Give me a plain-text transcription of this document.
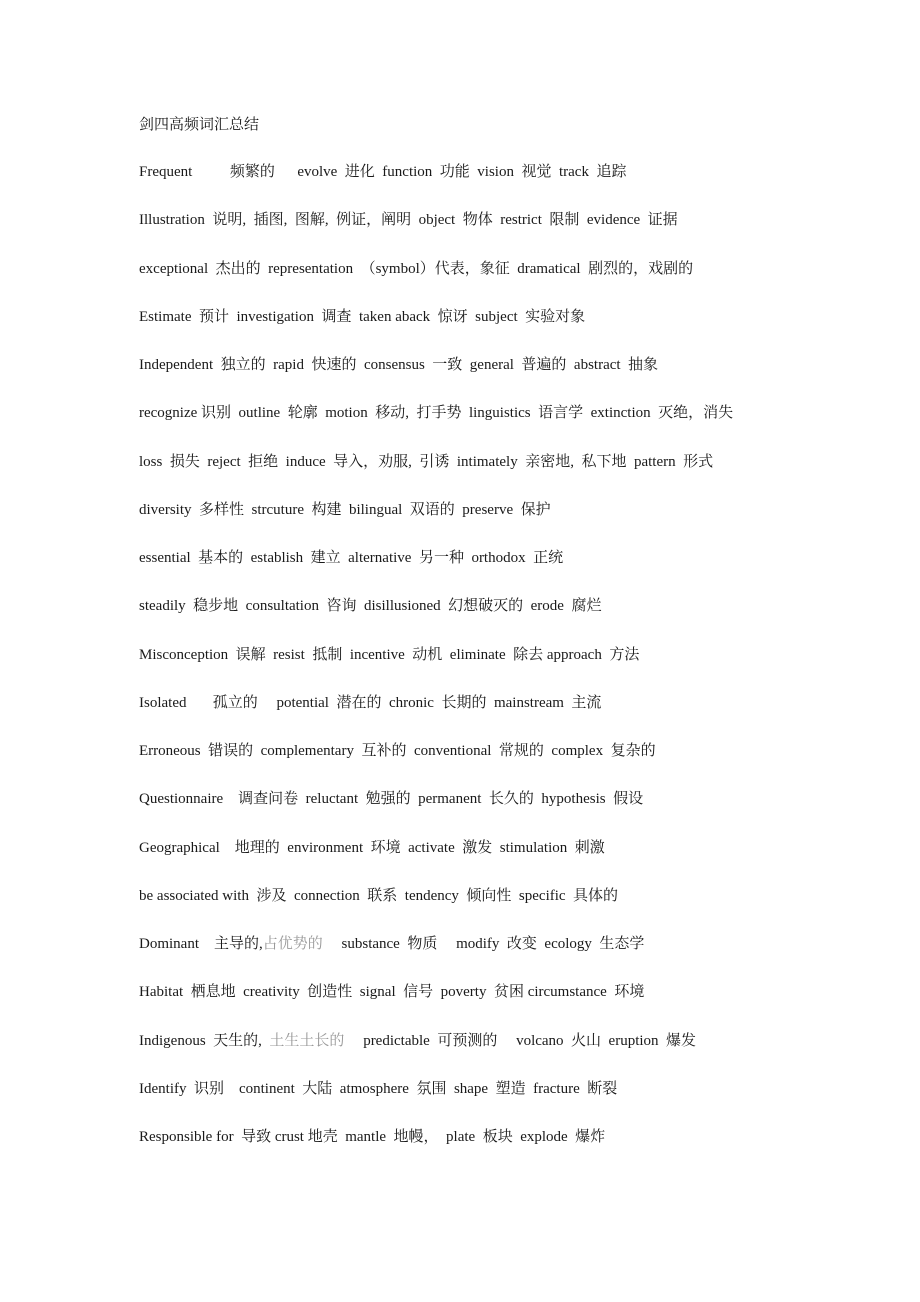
剑四高频词汇总结
Frequent          频繁的      evolve  进化  function  功能  vision  视觉  track  追踪
Illustration  说明,  插图,  图解,  例证，阐明  object  物体  restrict  限制  evidence  证据
exceptional  杰出的  representation  （symbol）代表，象征  dramatical  剧烈的，戏剧的
Estimate  预计  investigation  调查  taken aback  惊讶  subject  实验对象
Independent  独立的  rapid  快速的  consensus  一致  general  普遍的  abstract  抽象
recognize 识别  outline  轮廓  motion  移动,  打手势  linguistics  语言学  extinction  灭绝，消失
loss  损失  reject  拒绝  induce  导入，劝服,  引诱  intimately  亲密地,  私下地  pattern  形式
diversity  多样性  strcuture  构建  bilingual  双语的  preserve  保护
essential  基本的  establish  建立  alternative  另一种  orthodox  正统
steadily  稳步地  consultation  咨询  disillusioned  幻想破灭的  erode  腐烂
Misconception  误解  resist  抵制  incentive  动机  eliminate  除去 approach  方法
Isolated       孤立的     potential  潜在的  chronic  长期的  mainstream  主流
Erroneous  错误的  complementary  互补的  conventional  常规的  complex  复杂的
Questionnaire    调查问卷  reluctant  勉强的  permanent  长久的  hypothesis  假设
Geographical    地理的  environment  环境  activate  激发  stimulation  刺激
be associated with  涉及  connection  联系  tendency  倾向性  specific  具体的
Dominant    主导的,占优势的     substance  物质     modify  改变  ecology  生态学
Habitat  栖息地  creativity  创造性  signal  信号  poverty  贫困 circumstance  环境
Indigenous  天生的,  土生土长的     predictable  可预测的     volcano  火山  eruption  爆发
Identify  识别    continent  大陆  atmosphere  氛围  shape  塑造  fracture  断裂
Responsible for  导致 crust 地壳  mantle  地幔，  plate  板块  explode  爆炸
